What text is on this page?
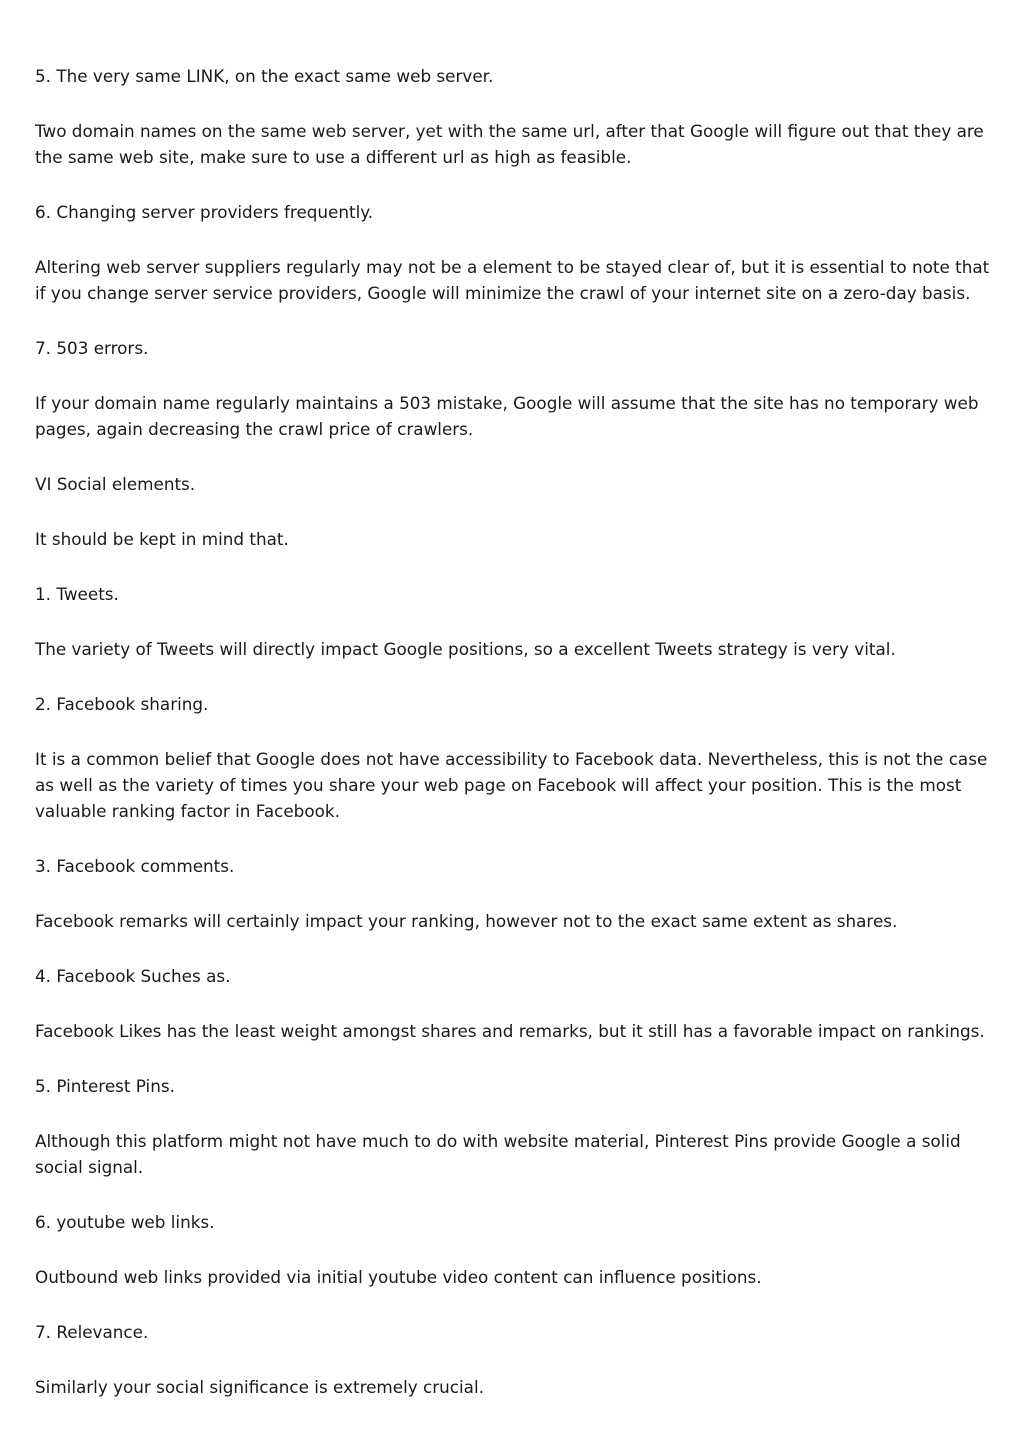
5. The very same LINK, on the exact same web server.

Two domain names on the same web server, yet with the same url, after that Google will figure out that they are the same web site, make sure to use a different url as high as feasible.

6. Changing server providers frequently.

Altering web server suppliers regularly may not be a element to be stayed clear of, but it is essential to note that if you change server service providers, Google will minimize the crawl of your internet site on a zero-day basis.

7. 503 errors.

If your domain name regularly maintains a 503 mistake, Google will assume that the site has no temporary web pages, again decreasing the crawl price of crawlers.

VI Social elements.

It should be kept in mind that.

1. Tweets.

The variety of Tweets will directly impact Google positions, so a excellent Tweets strategy is very vital.

2. Facebook sharing.

It is a common belief that Google does not have accessibility to Facebook data. Nevertheless, this is not the case as well as the variety of times you share your web page on Facebook will affect your position. This is the most valuable ranking factor in Facebook.

3. Facebook comments.

Facebook remarks will certainly impact your ranking, however not to the exact same extent as shares.

4. Facebook Suches as.

Facebook Likes has the least weight amongst shares and remarks, but it still has a favorable impact on rankings.

5. Pinterest Pins.

Although this platform might not have much to do with website material, Pinterest Pins provide Google a solid social signal.

6. youtube web links.

Outbound web links provided via initial youtube video content can influence positions.

7. Relevance.

Similarly your social significance is extremely crucial.
